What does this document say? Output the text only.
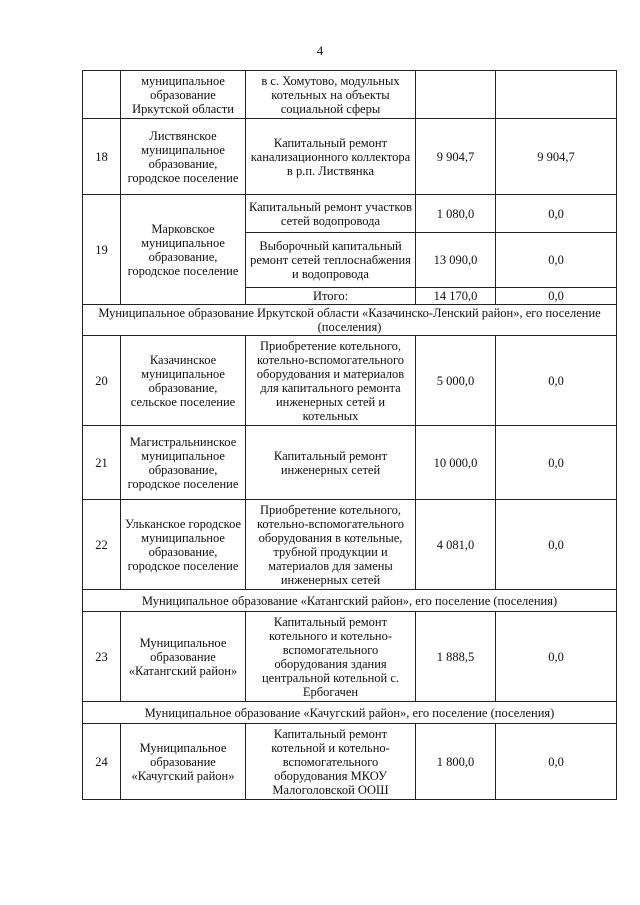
4
	муниципальное образование Иркутской области	в с. Хомутово, модульных котельных на объекты социальной сферы		
18	Листвянское муниципальное образование, городское поселение	Капитальный ремонт канализационного коллектора в р.п. Листвянка	9 904,7	9 904,7
19	Марковское муниципальное образование, городское поселение	Капитальный ремонт участков сетей водопровода	1 080,0	0,0
		Выборочный капитальный ремонт сетей теплоснабжения и водопровода	13 090,0	0,0
		Итого:	14 170,0	0,0
Муниципальное образование Иркутской области «Казачинско-Ленский район», его поселение (поселения)				
20	Казачинское муниципальное образование, сельское поселение	Приобретение котельного, котельно-вспомогательного оборудования и материалов для капитального ремонта инженерных сетей и котельных	5 000,0	0,0
21	Магистральнинское муниципальное образование, городское поселение	Капитальный ремонт инженерных сетей	10 000,0	0,0
22	Ульканское городское муниципальное образование, городское поселение	Приобретение котельного, котельно-вспомогательного оборудования в котельные, трубной продукции и материалов для замены инженерных сетей	4 081,0	0,0
Муниципальное образование «Катангский район», его поселение (поселения)				
23	Муниципальное образование «Катангский район»	Капитальный ремонт котельного и котельно-вспомогательного оборудования здания центральной котельной с. Ербогачен	1 888,5	0,0
Муниципальное образование «Качугский район», его поселение (поселения)				
24	Муниципальное образование «Качугский район»	Капитальный ремонт котельной и котельно-вспомогательного оборудования МКОУ Малоголовской ООШ	1 800,0	0,0
